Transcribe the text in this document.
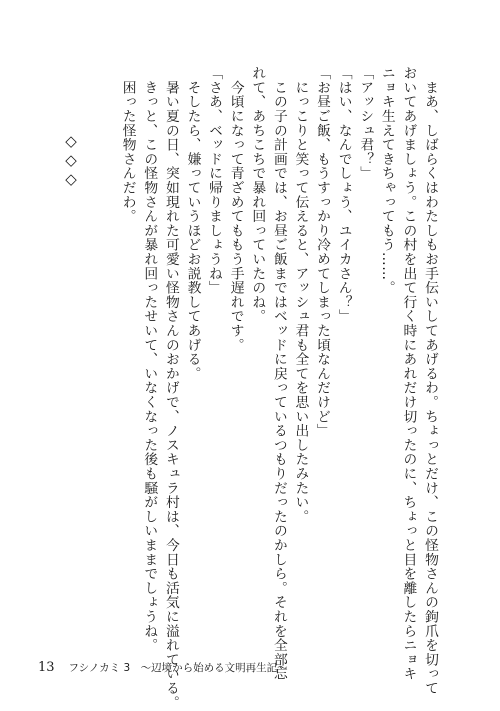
　まあ、しばらくはわたしもお手伝いしてあげるわ。ちょっとだけ、この怪物さんの鉤爪を切って
おいてあげましょう。この村を出て行く時にあれだけ切ったのに、ちょっと目を離したらニョキ
ニョキ生えてきちゃってもう……。
「アッシュ君？」
「はい、なんでしょう、ユイカさん？」
「お昼ご飯、もうすっかり冷めてしまった頃なんだけど」
　にっこりと笑って伝えると、アッシュ君も全てを思い出したみたい。
　この子の計画では、お昼ご飯まではベッドに戻っているつもりだったのかしら。それを全部忘
れて、あちこちで暴れ回っていたのね。
　今頃になって青ざめてももう手遅れです。
「さあ、ベッドに帰りましょうね」
　そしたら、嫌っていうほどお説教してあげる。
　暑い夏の日、突如現れた可愛い怪物さんのおかげで、ノスキュラ村は、今日も活気に溢れている。
　きっと、この怪物さんが暴れ回ったせいて、いなくなった後も騒がしいままでしょうね。
　困った怪物さんだわ。
◇◇◇
13 フシノカミ 3　～辺境から始める文明再生記～
